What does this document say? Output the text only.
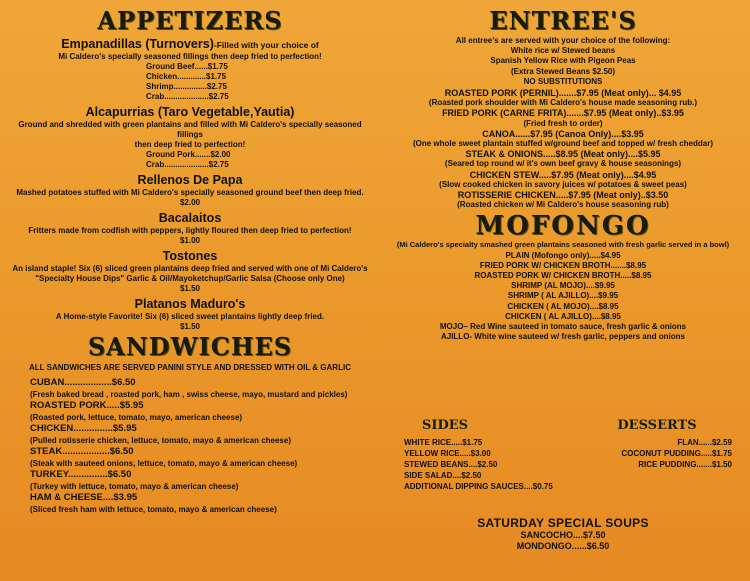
APPETIZERS
Empanadillas (Turnovers)-Filled with your choice of
Mi Caldero's specially seasoned fillings then deep fried to perfection!
Ground Beef......$1.75
Chicken.............$1.75
Shrimp...............$2.75
Crab....................$2.75
Alcapurrias (Taro Vegetable,Yautia)
Ground and shredded with green plantains and filled with Mi Caldero's specially seasoned fillings
then deep fried to perfection!
Ground Pork.......$2.00
Crab....................$2.75
Rellenos De Papa
Mashed potatoes stuffed with Mi Caldero's specially seasoned ground beef then deep fried.
$2.00
Bacalaitos
Fritters made from codfish with peppers, lightly floured then deep fried to perfection!
$1.00
Tostones
An island staple! Six (6) sliced green plantains deep fried and served with one of Mi Caldero's
"Specialty House Dips" Garlic & Oil/Mayoketchup/Garlic Salsa (Choose only One)
$1.50
Platanos Maduro's
A Home-style Favorite! Six (6) sliced sweet plantains lightly deep fried.
$1.50
SANDWICHES
ALL SANDWICHES ARE SERVED PANINI STYLE AND DRESSED WITH OIL & GARLIC
CUBAN..................$6.50
(Fresh baked bread , roasted pork, ham , swiss cheese, mayo, mustard and pickles)
ROASTED PORK.....$5.95
(Roasted pork, lettuce, tomato, mayo, american cheese)
CHICKEN...............$5.95
(Pulled rotisserie chicken, lettuce, tomato, mayo & american cheese)
STEAK..................$6.50
(Steak with sauteed onions, lettuce, tomato, mayo & american cheese)
TURKEY...............$6.50
(Turkey with lettuce, tomato, mayo & american cheese)
HAM & CHEESE....$3.95
(Sliced fresh ham with lettuce, tomato, mayo & american cheese)
ENTREE'S
All entree's are served with your choice of the following:
White rice w/ Stewed beans
Spanish Yellow Rice with Pigeon Peas
(Extra Stewed Beans $2.50)
NO SUBSTITUTIONS
ROASTED PORK (PERNIL).......$7.95 (Meat only)... $4.95
(Roasted pork shoulder with Mi Caldero's house made seasoning rub.)
FRIED PORK (CARNE FRITA).......$7.95 (Meat only)..$3.95
(Fried fresh to order)
CANOA......$7.95 (Canoa Only)....$3.95
(One whole sweet plantain stuffed w/ground beef and topped w/ fresh cheddar)
STEAK & ONIONS.....$8.95 (Meat only)....$5.95
(Seared top round w/ it's own beef gravy & house seasonings)
CHICKEN STEW.....$7.95 (Meat only)....$4.95
(Slow cooked chicken in savory juices w/ potatoes & sweet peas)
ROTISSERIE CHICKEN.....$7.95 (Meat only)..$3.50
(Roasted chicken w/ Mi Caldero's house seasoning rub)
MOFONGO
(Mi Caldero's specialty smashed green plantains seasoned with fresh garlic served in a bowl)
PLAIN (Mofongo only).....$4.95
FRIED PORK W/ CHICKEN BROTH.......$8.95
ROASTED PORK W/ CHICKEN BROTH.....$8.95
SHRIMP (AL MOJO)....$9.95
SHRIMP ( AL AJILLO)....$9.95
CHICKEN ( AL MOJO)....$8.95
CHICKEN ( AL AJILLO)....$8.95
MOJO– Red Wine sauteed in tomato sauce, fresh garlic & onions
AJILLO- White wine sauteed w/ fresh garlic, peppers and onions
SIDES
WHITE RICE.....$1.75
YELLOW RICE.....$3.00
STEWED BEANS....$2.50
SIDE SALAD....$2.50
ADDITIONAL DIPPING SAUCES....$0.75
DESSERTS
FLAN......$2.59
COCONUT PUDDING.....$1.75
RICE PUDDING.......$1.50
SATURDAY SPECIAL SOUPS
SANCOCHO....$7.50
MONDONGO......$6.50
